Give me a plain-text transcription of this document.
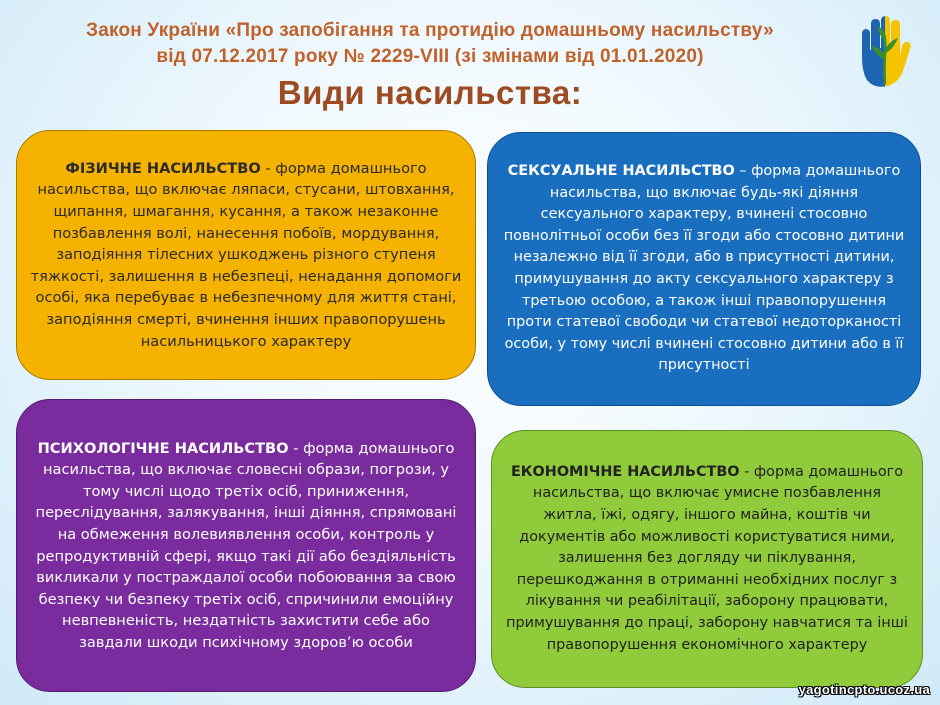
Закон України «Про запобігання та протидію домашньому насильству»
від 07.12.2017 року № 2229-VIII (зі змінами від 01.01.2020)
Види насильства:

ФІЗИЧНЕ НАСИЛЬСТВО - форма домашнього насильства, що включає ляпаси, стусани, штовхання, щипання, шмагання, кусання, а також незаконне позбавлення волі, нанесення побоїв, мордування, заподіяння тілесних ушкоджень різного ступеня тяжкості, залишення в небезпеці, ненадання допомоги особі, яка перебуває в небезпечному для життя стані, заподіяння смерті, вчинення інших правопорушень насильницького характеру

СЕКСУАЛЬНЕ НАСИЛЬСТВО – форма домашнього насильства, що включає будь-які діяння сексуального характеру, вчинені стосовно повнолітньої особи без її згоди або стосовно дитини незалежно від її згоди, або в присутності дитини, примушування до акту сексуального характеру з третьою особою, а також інші правопорушення проти статевої свободи чи статевої недоторканості особи, у тому числі вчинені стосовно дитини або в її присутності

ПСИХОЛОГІЧНЕ НАСИЛЬСТВО - форма домашнього насильства, що включає словесні образи, погрози, у тому числі щодо третіх осіб, приниження, переслідування, залякування, інші діяння, спрямовані на обмеження волевиявлення особи, контроль у репродуктивній сфері, якщо такі дії або бездіяльність викликали у постраждалої особи побоювання за свою безпеку чи безпеку третіх осіб, спричинили емоційну невпевненість, нездатність захистити себе або завдали шкоди психічному здоров’ю особи

ЕКОНОМІЧНЕ НАСИЛЬСТВО - форма домашнього насильства, що включає умисне позбавлення житла, їжі, одягу, іншого майна, коштів чи документів або можливості користуватися ними, залишення без догляду чи піклування, перешкоджання в отриманні необхідних послуг з лікування чи реабілітації, заборону працювати, примушування до праці, заборону навчатися та інші правопорушення економічного характеру

yagotincpto.ucoz.ua
